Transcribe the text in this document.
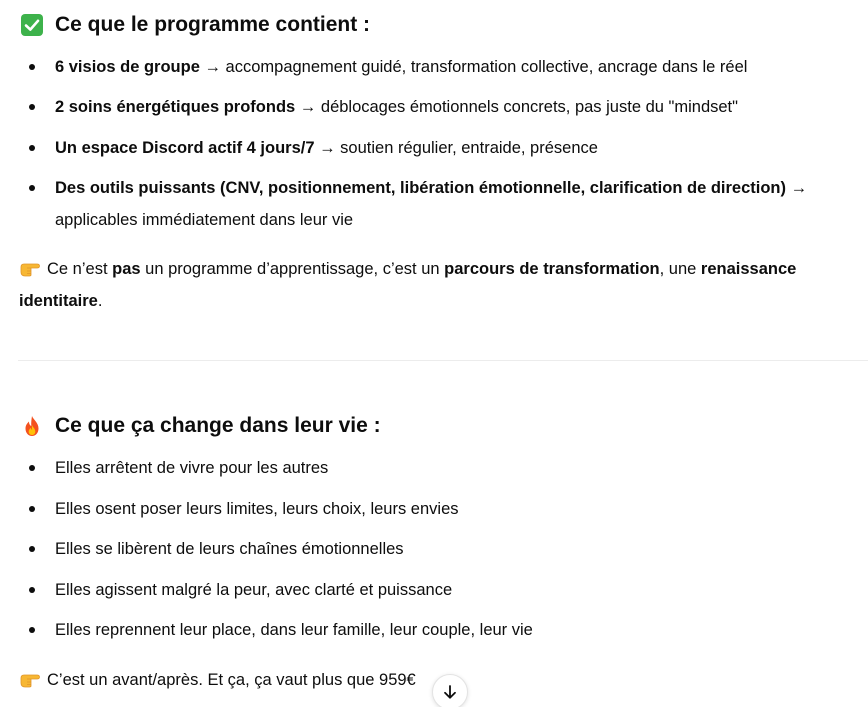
Ce que le programme contient :
6 visios de groupe → accompagnement guidé, transformation collective, ancrage dans le réel
2 soins énergétiques profonds → déblocages émotionnels concrets, pas juste du "mindset"
Un espace Discord actif 4 jours/7 → soutien régulier, entraide, présence
Des outils puissants (CNV, positionnement, libération émotionnelle, clarification de direction) → applicables immédiatement dans leur vie

Ce n’est pas un programme d’apprentissage, c’est un parcours de transformation, une renaissance identitaire.

Ce que ça change dans leur vie :
Elles arrêtent de vivre pour les autres
Elles osent poser leurs limites, leurs choix, leurs envies
Elles se libèrent de leurs chaînes émotionnelles
Elles agissent malgré la peur, avec clarté et puissance
Elles reprennent leur place, dans leur famille, leur couple, leur vie

C’est un avant/après. Et ça, ça vaut plus que 959€
